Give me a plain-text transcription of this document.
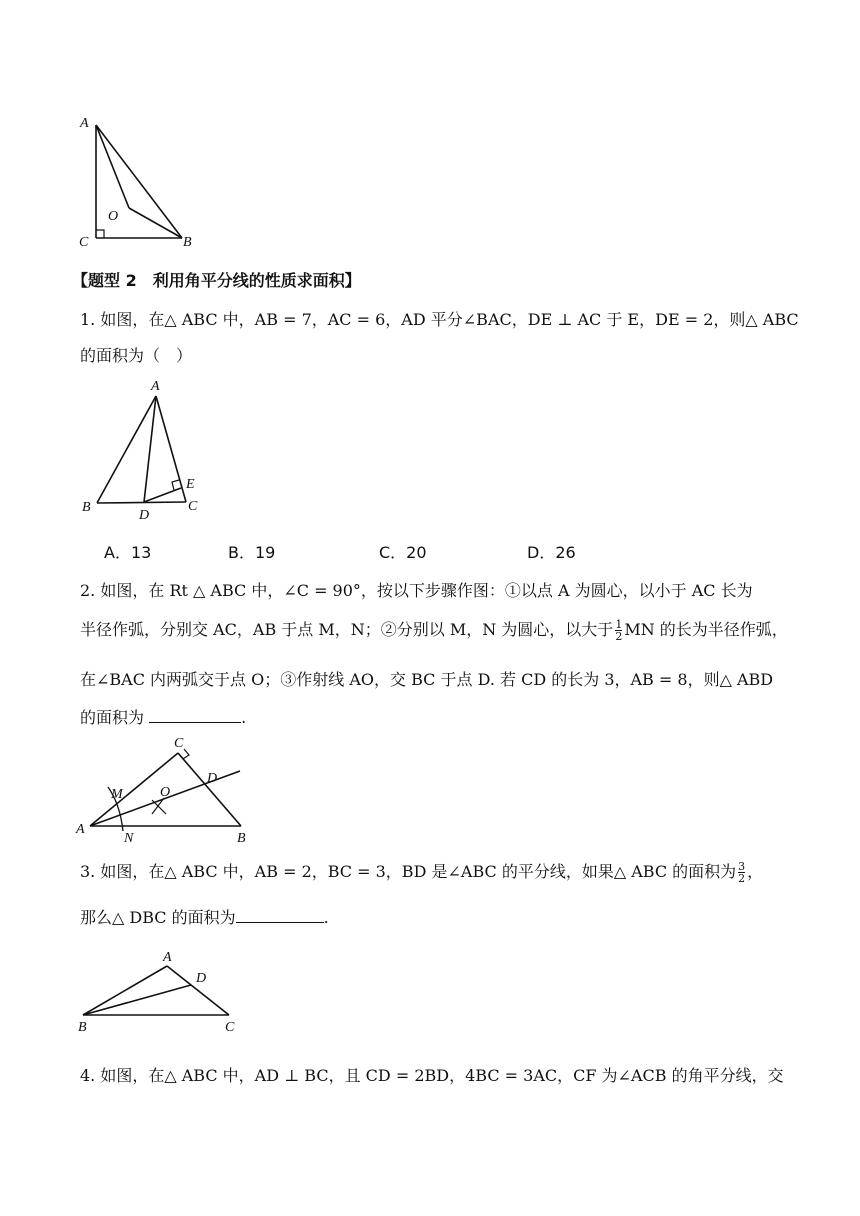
A
O
C	B
【题型 2　利用角平分线的性质求面积】
1. 如图，在△ ABC 中，AB = 7，AC = 6，AD 平分∠BAC，DE ⊥ AC 于 E，DE = 2，则△ ABC
的面积为（　）
A
E
B
D
C
A．13	B．19	C．20	D．26
2. 如图，在 Rt △ ABC 中，∠C = 90°，按以下步骤作图：①以点 A 为圆心，以小于 AC 长为
半径作弧，分别交 AC，AB 于点 M，N；②分别以 M，N 为圆心，以大于 $\frac{1}{2}$ MN 的长为半径作弧，
在∠BAC 内两弧交于点 O；③作射线 AO，交 BC 于点 D. 若 CD 的长为 3，AB = 8，则△ ABD
的面积为	.
C
D
M	O
A
N	B
3. 如图，在△ ABC 中，AB = 2，BC = 3，BD 是∠ABC 的平分线，如果△ ABC 的面积为 $\frac{3}{2}$ ，
那么△ DBC 的面积为	.
A
D
B	C
4. 如图，在△ ABC 中，AD ⊥ BC，且 CD = 2BD，4BC = 3AC，CF 为∠ACB 的角平分线，交
